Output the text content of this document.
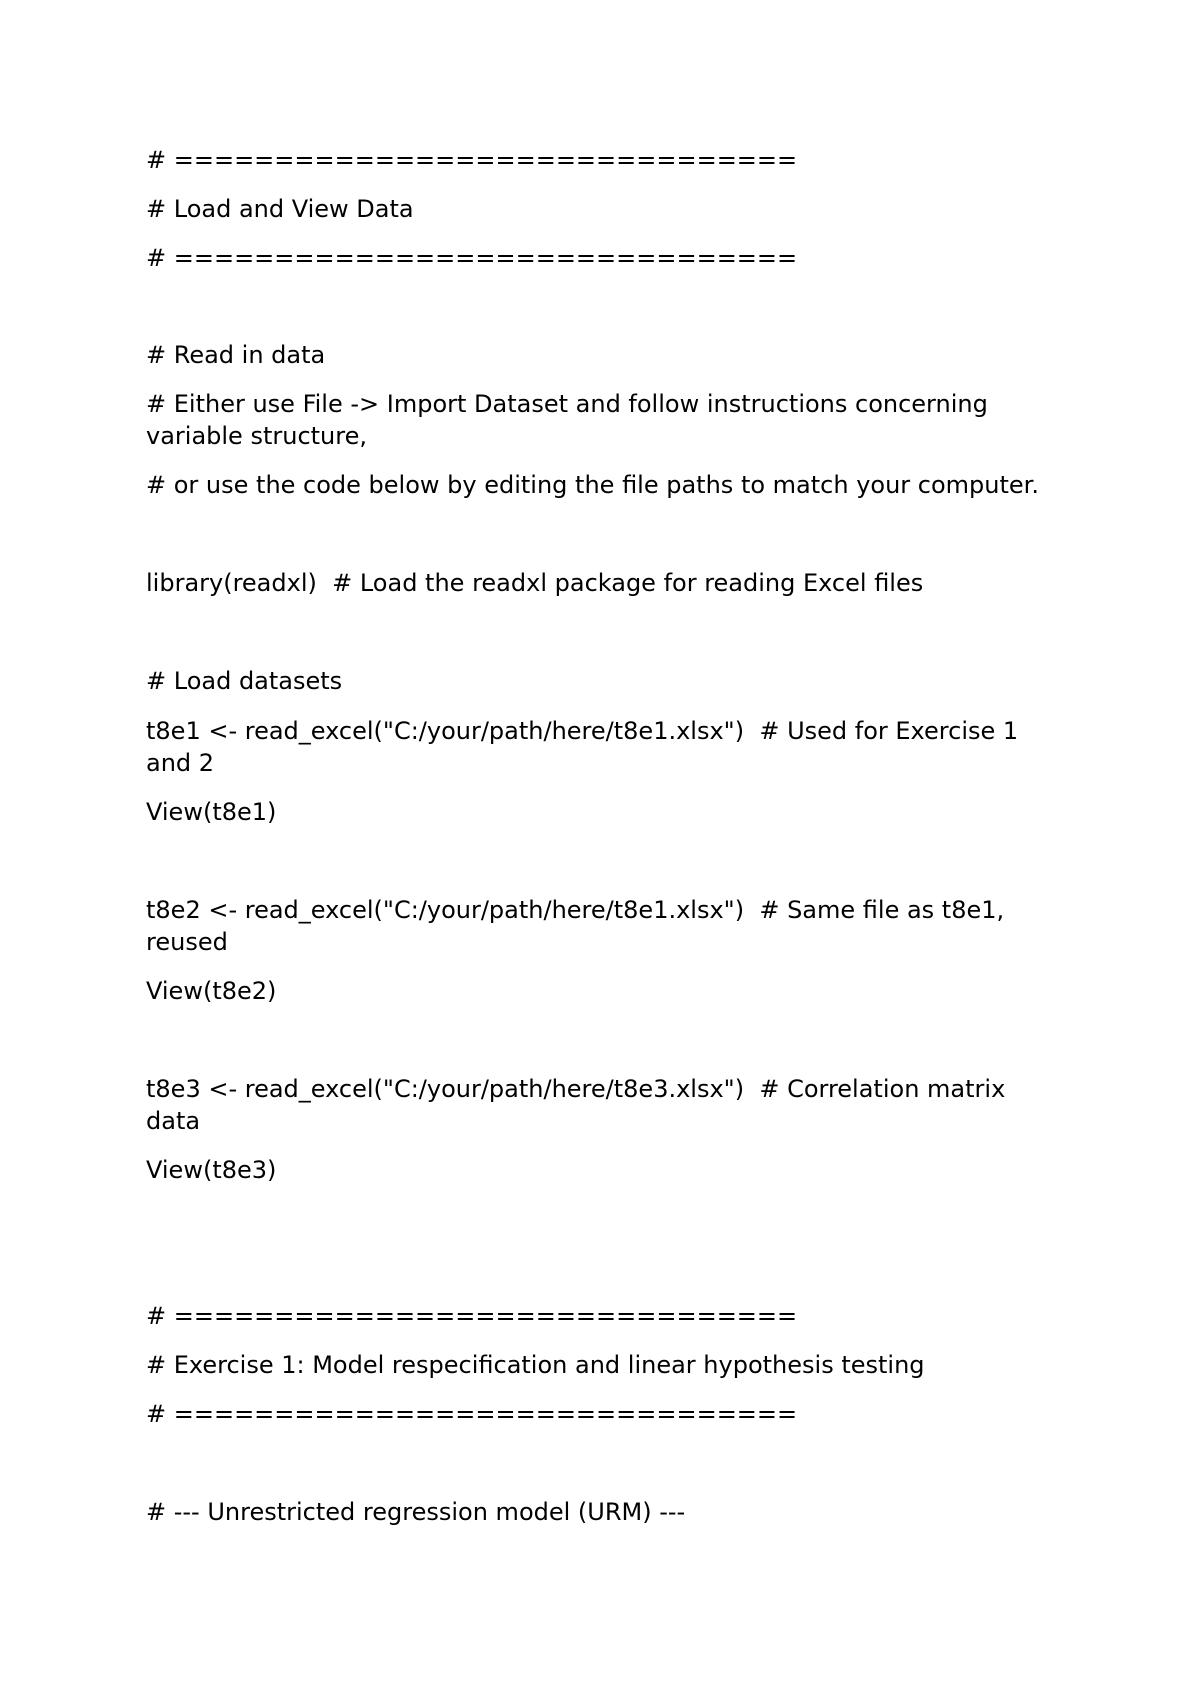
# ===============================

# Load and View Data

# ===============================

# Read in data

# Either use File -> Import Dataset and follow instructions concerning variable structure,

# or use the code below by editing the file paths to match your computer.

library(readxl)  # Load the readxl package for reading Excel files

# Load datasets

t8e1 <- read_excel("C:/your/path/here/t8e1.xlsx")  # Used for Exercise 1 and 2

View(t8e1)

t8e2 <- read_excel("C:/your/path/here/t8e1.xlsx")  # Same file as t8e1, reused

View(t8e2)

t8e3 <- read_excel("C:/your/path/here/t8e3.xlsx")  # Correlation matrix data

View(t8e3)

# ===============================

# Exercise 1: Model respecification and linear hypothesis testing

# ===============================

# --- Unrestricted regression model (URM) ---
